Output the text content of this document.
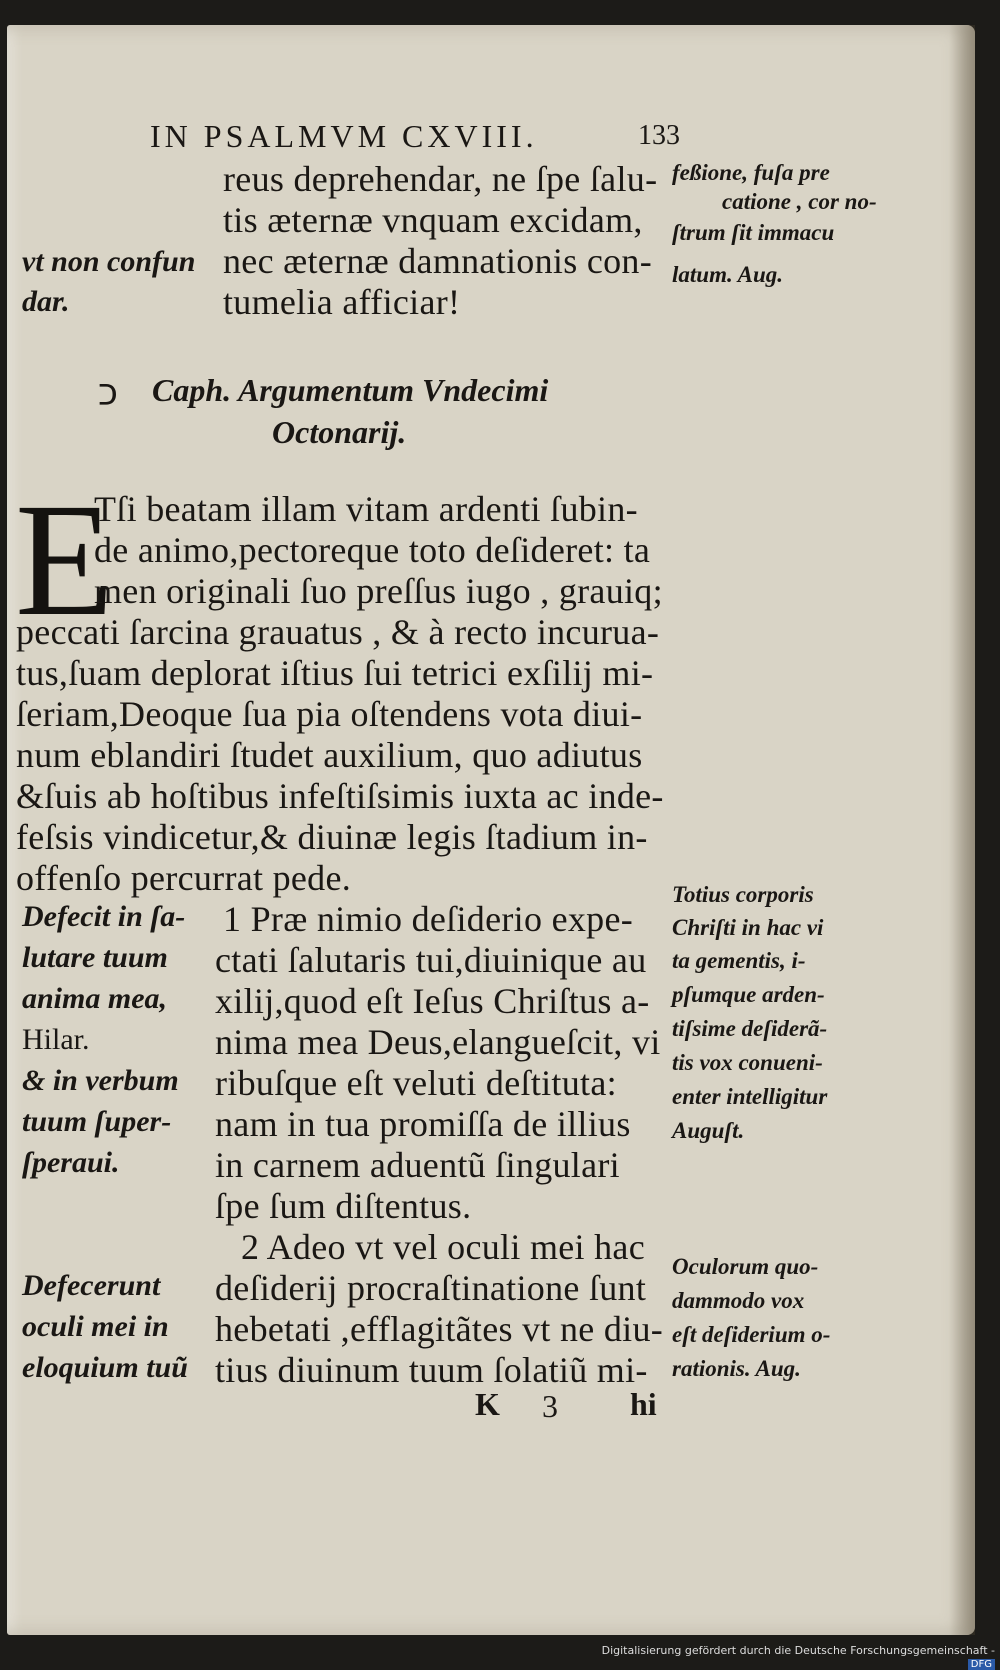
IN PSALMVM CXVIII.	133
reus deprehendar, ne ſpe ſalu-
tis æternæ vnquam excidam,
nec æternæ damnationis con-
tumelia afficiar!
vt non confun
dar.
feßione, fuſa pre
catione , cor no-
ſtrum ſit immacu
latum. Aug.
כ Caph. Argumentum Vndecimi
Octonarij.
E
Tſi beatam illam vitam ardenti ſubin-
de animo,pectoreque toto deſideret: ta
men originali ſuo preſſus iugo , grauiq;
peccati ſarcina grauatus , & à recto incurua-
tus,ſuam deplorat iſtius ſui tetrici exſilij mi-
ſeriam,Deoque ſua pia oſtendens vota diui-
num eblandiri ſtudet auxilium, quo adiutus
&ſuis ab hoſtibus infeſtiſsimis iuxta ac inde-
feſsis vindicetur,& diuinæ legis ſtadium in-
offenſo percurrat pede.
1 Præ nimio deſiderio expe-
ctati ſalutaris tui,diuinique au
xilij,quod eſt Ieſus Chriſtus a-
nima mea Deus,elangueſcit, vi
ribuſque eſt veluti deſtituta:
nam in tua promiſſa de illius
in carnem aduentũ ſingulari
ſpe ſum diſtentus.
Defecit in ſa-
lutare tuum
anima mea,
Hilar.
& in verbum
tuum ſuper-
ſperaui.
Totius corporis
Chriſti in hac vi
ta gementis, i-
pſumque arden-
tiſsime deſiderã-
tis vox conueni-
enter intelligitur
Auguſt.
2 Adeo vt vel oculi mei hac
deſiderij procraſtinatione ſunt
hebetati ,efflagitãtes vt ne diu-
tius diuinum tuum ſolatiũ mi-
Defecerunt
oculi mei in
eloquium tuũ
Oculorum quo-
dammodo vox
eſt deſiderium o-
rationis. Aug.
K 3 hi
Digitalisierung gefördert durch die Deutsche Forschungsgemeinschaft -DFG
